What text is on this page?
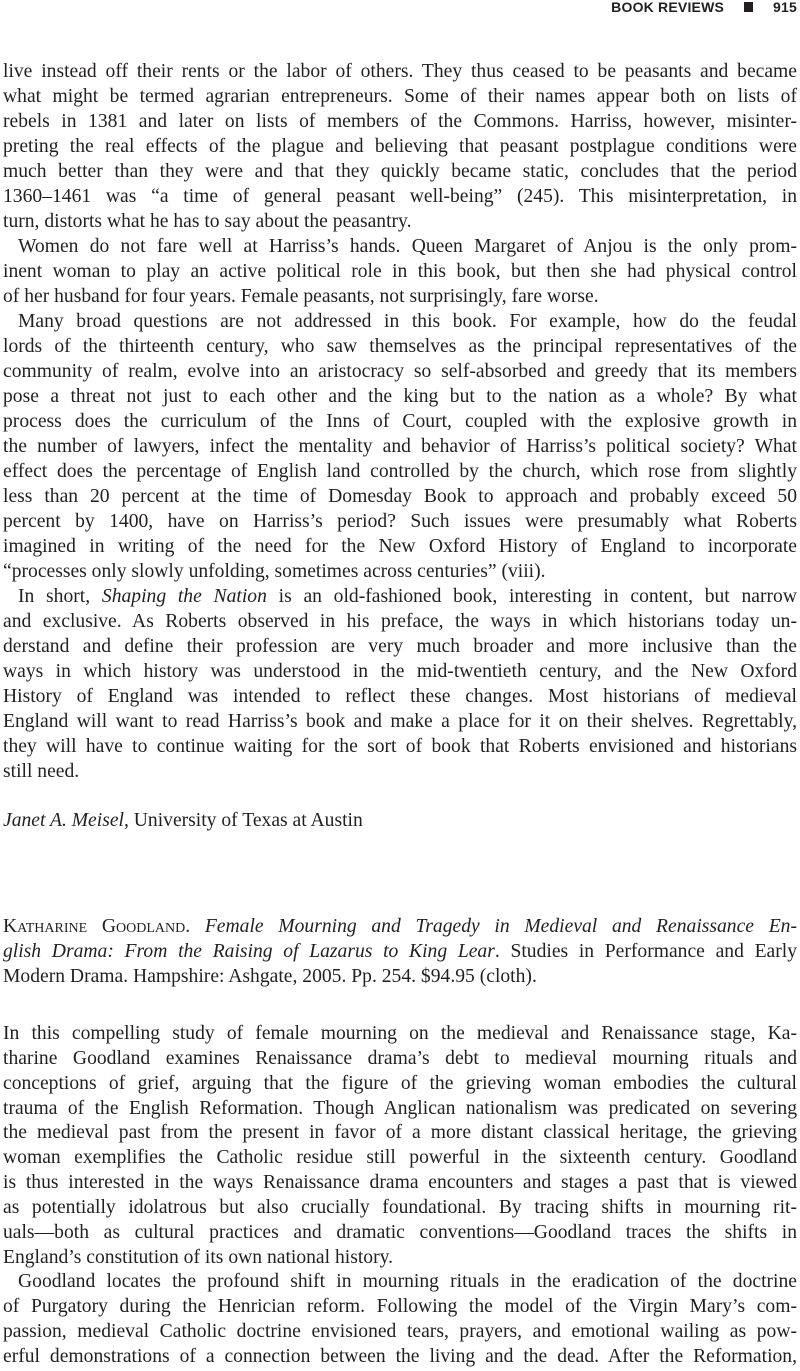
BOOK REVIEWS	915
live instead off their rents or the labor of others. They thus ceased to be peasants and became
what might be termed agrarian entrepreneurs. Some of their names appear both on lists of
rebels in 1381 and later on lists of members of the Commons. Harriss, however, misinter-
preting the real effects of the plague and believing that peasant postplague conditions were
much better than they were and that they quickly became static, concludes that the period
1360–1461 was “a time of general peasant well-being” (245). This misinterpretation, in
turn, distorts what he has to say about the peasantry.
Women do not fare well at Harriss’s hands. Queen Margaret of Anjou is the only prom-
inent woman to play an active political role in this book, but then she had physical control
of her husband for four years. Female peasants, not surprisingly, fare worse.
Many broad questions are not addressed in this book. For example, how do the feudal
lords of the thirteenth century, who saw themselves as the principal representatives of the
community of realm, evolve into an aristocracy so self-absorbed and greedy that its members
pose a threat not just to each other and the king but to the nation as a whole? By what
process does the curriculum of the Inns of Court, coupled with the explosive growth in
the number of lawyers, infect the mentality and behavior of Harriss’s political society? What
effect does the percentage of English land controlled by the church, which rose from slightly
less than 20 percent at the time of Domesday Book to approach and probably exceed 50
percent by 1400, have on Harriss’s period? Such issues were presumably what Roberts
imagined in writing of the need for the New Oxford History of England to incorporate
“processes only slowly unfolding, sometimes across centuries” (viii).
In short, Shaping the Nation is an old-fashioned book, interesting in content, but narrow
and exclusive. As Roberts observed in his preface, the ways in which historians today un-
derstand and define their profession are very much broader and more inclusive than the
ways in which history was understood in the mid-twentieth century, and the New Oxford
History of England was intended to reflect these changes. Most historians of medieval
England will want to read Harriss’s book and make a place for it on their shelves. Regrettably,
they will have to continue waiting for the sort of book that Roberts envisioned and historians
still need.
Janet A. Meisel, University of Texas at Austin
Katharine Goodland. Female Mourning and Tragedy in Medieval and Renaissance En-
glish Drama: From the Raising of Lazarus to King Lear. Studies in Performance and Early
Modern Drama. Hampshire: Ashgate, 2005. Pp. 254. $94.95 (cloth).
In this compelling study of female mourning on the medieval and Renaissance stage, Ka-
tharine Goodland examines Renaissance drama’s debt to medieval mourning rituals and
conceptions of grief, arguing that the figure of the grieving woman embodies the cultural
trauma of the English Reformation. Though Anglican nationalism was predicated on severing
the medieval past from the present in favor of a more distant classical heritage, the grieving
woman exemplifies the Catholic residue still powerful in the sixteenth century. Goodland
is thus interested in the ways Renaissance drama encounters and stages a past that is viewed
as potentially idolatrous but also crucially foundational. By tracing shifts in mourning rit-
uals—both as cultural practices and dramatic conventions—Goodland traces the shifts in
England’s constitution of its own national history.
Goodland locates the profound shift in mourning rituals in the eradication of the doctrine
of Purgatory during the Henrician reform. Following the model of the Virgin Mary’s com-
passion, medieval Catholic doctrine envisioned tears, prayers, and emotional wailing as pow-
erful demonstrations of a connection between the living and the dead. After the Reformation,
